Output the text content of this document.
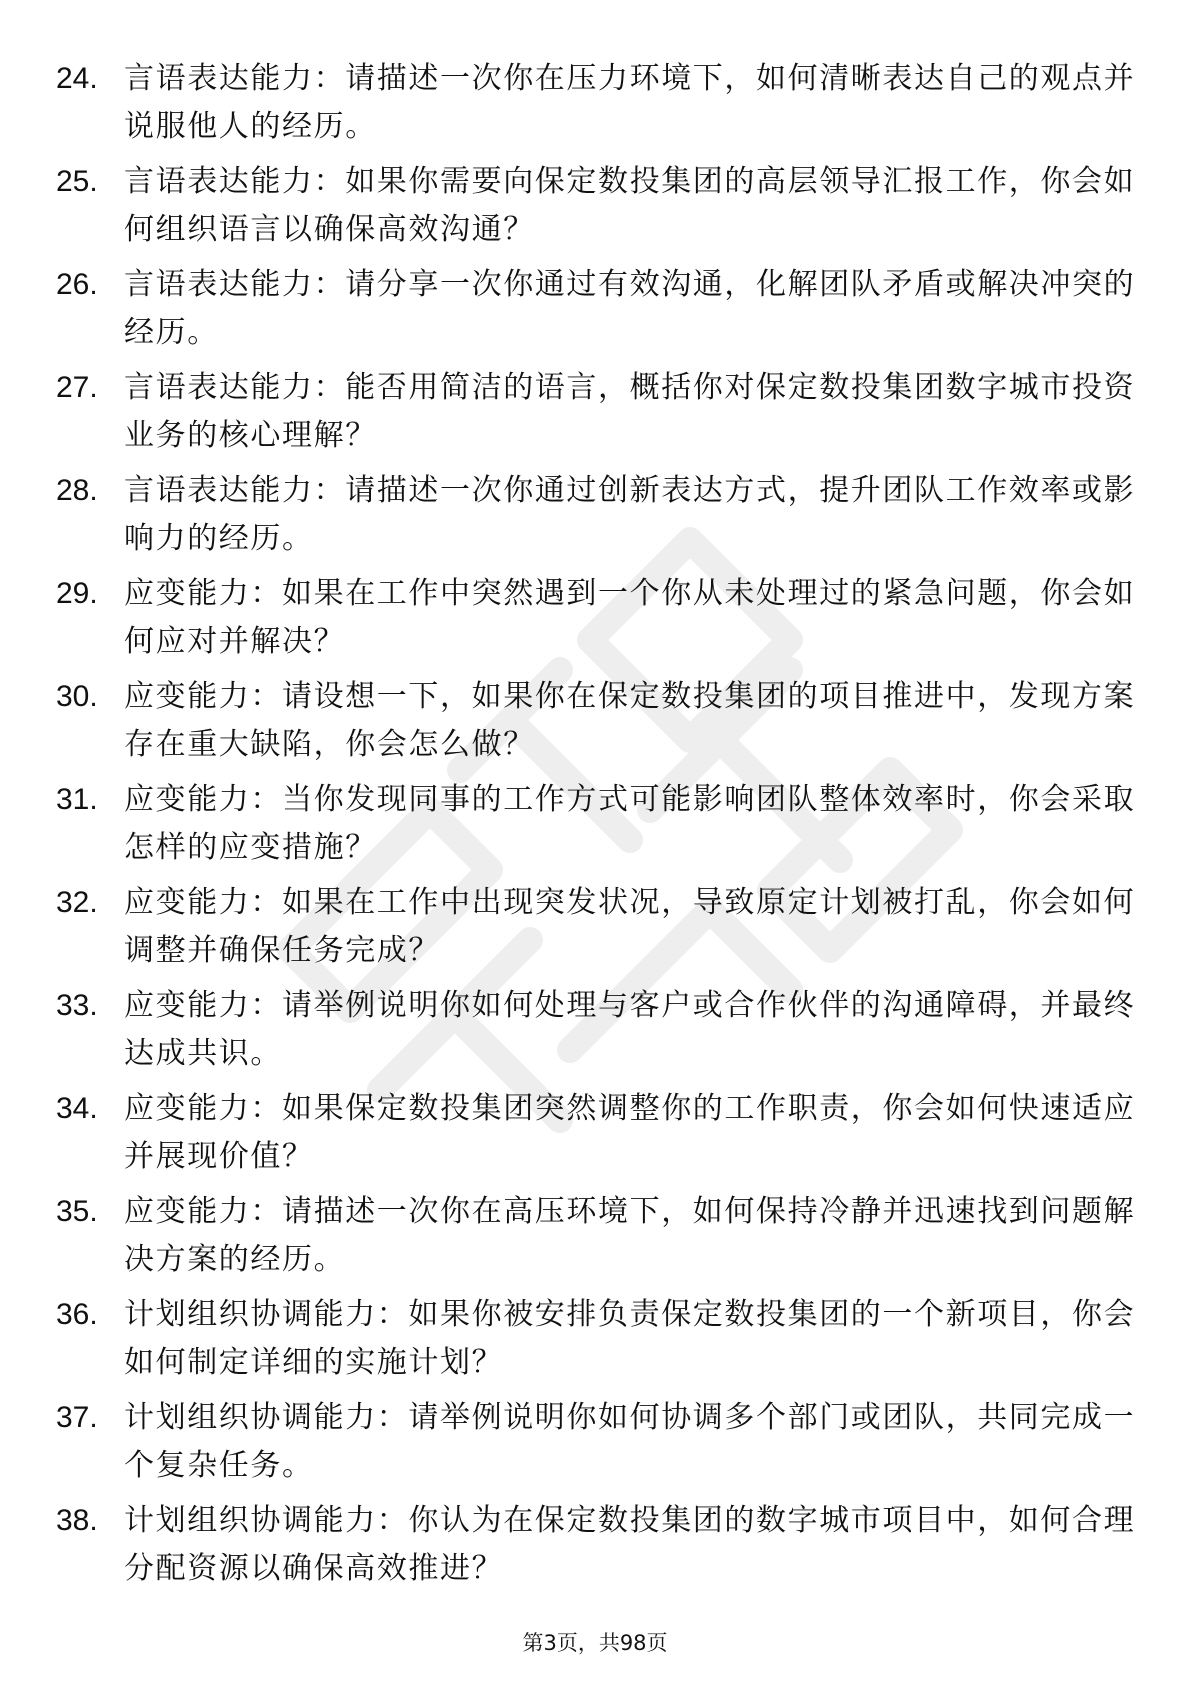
24. 言语表达能力：请描述一次你在压力环境下，如何清晰表达自己的观点并说服他人的经历。
25. 言语表达能力：如果你需要向保定数投集团的高层领导汇报工作，你会如何组织语言以确保高效沟通？
26. 言语表达能力：请分享一次你通过有效沟通，化解团队矛盾或解决冲突的经历。
27. 言语表达能力：能否用简洁的语言，概括你对保定数投集团数字城市投资业务的核心理解？
28. 言语表达能力：请描述一次你通过创新表达方式，提升团队工作效率或影响力的经历。
29. 应变能力：如果在工作中突然遇到一个你从未处理过的紧急问题，你会如何应对并解决？
30. 应变能力：请设想一下，如果你在保定数投集团的项目推进中，发现方案存在重大缺陷，你会怎么做？
31. 应变能力：当你发现同事的工作方式可能影响团队整体效率时，你会采取怎样的应变措施？
32. 应变能力：如果在工作中出现突发状况，导致原定计划被打乱，你会如何调整并确保任务完成？
33. 应变能力：请举例说明你如何处理与客户或合作伙伴的沟通障碍，并最终达成共识。
34. 应变能力：如果保定数投集团突然调整你的工作职责，你会如何快速适应并展现价值？
35. 应变能力：请描述一次你在高压环境下，如何保持冷静并迅速找到问题解决方案的经历。
36. 计划组织协调能力：如果你被安排负责保定数投集团的一个新项目，你会如何制定详细的实施计划？
37. 计划组织协调能力：请举例说明你如何协调多个部门或团队，共同完成一个复杂任务。
38. 计划组织协调能力：你认为在保定数投集团的数字城市项目中，如何合理分配资源以确保高效推进？
第3页，共98页
